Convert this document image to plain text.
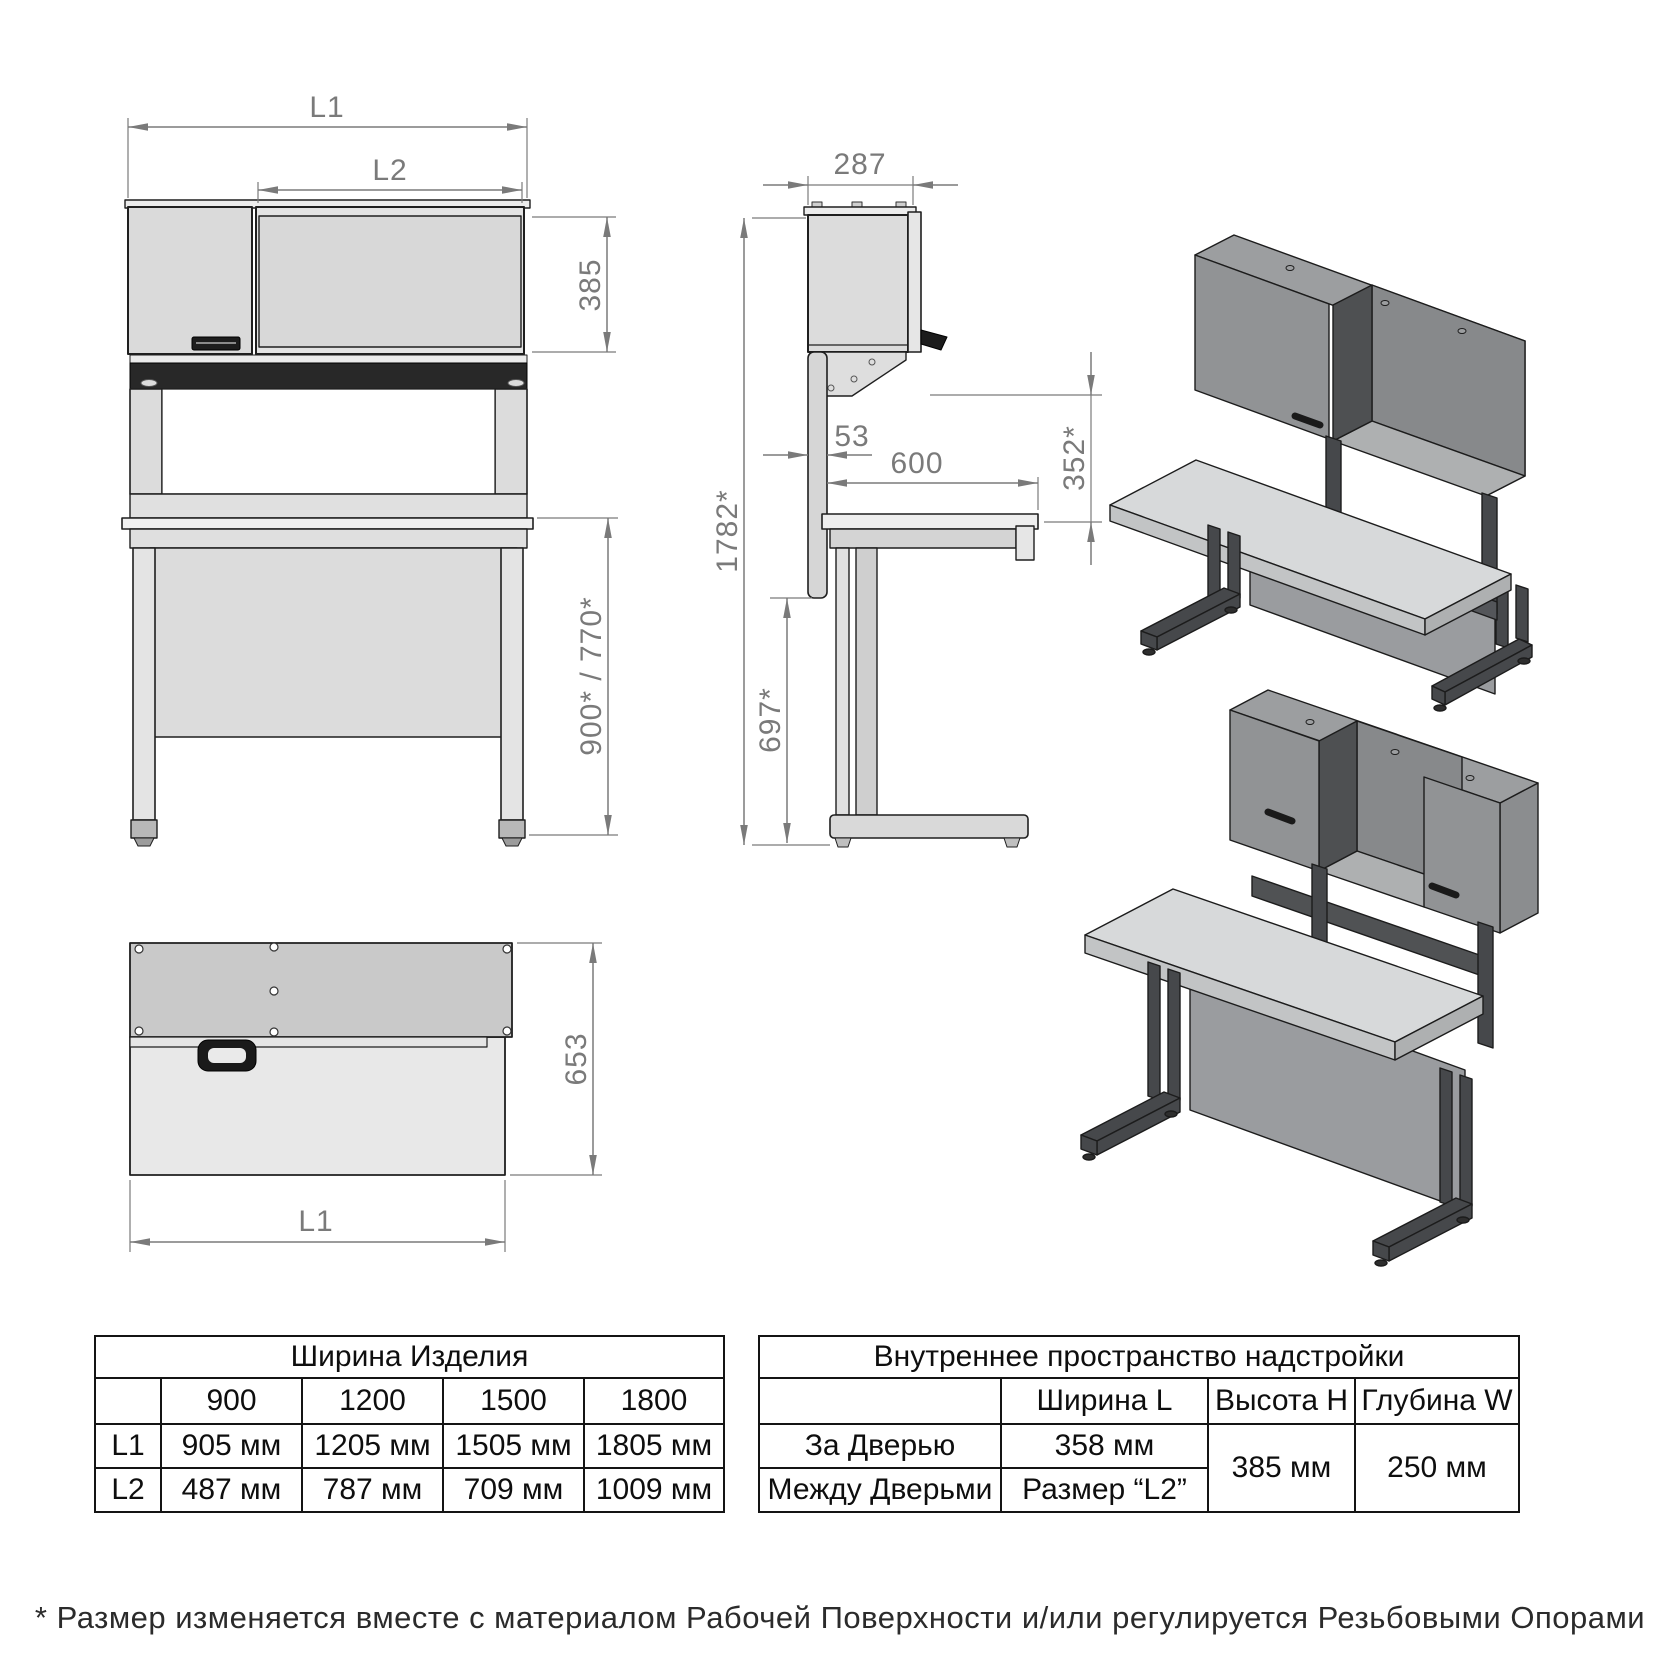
L1
L2
385
900* / 770*
287
53
600	352*
1782*
697*
653
L1
Ширина Изделия				
	900	1200	1500	1800
L1	905 мм	1205 мм	1505 мм	1805 мм
L2	487 мм	787 мм	709 мм	1009 мм
Внутреннее пространство надстройки			
	Ширина L	Высота H	Глубина W
За Дверью	358 мм	385 мм	250 мм
Между Дверьми	Размер “L2”		
* Размер изменяется вместе с материалом Рабочей Поверхности и/или регулируется Резьбовыми Опорами
